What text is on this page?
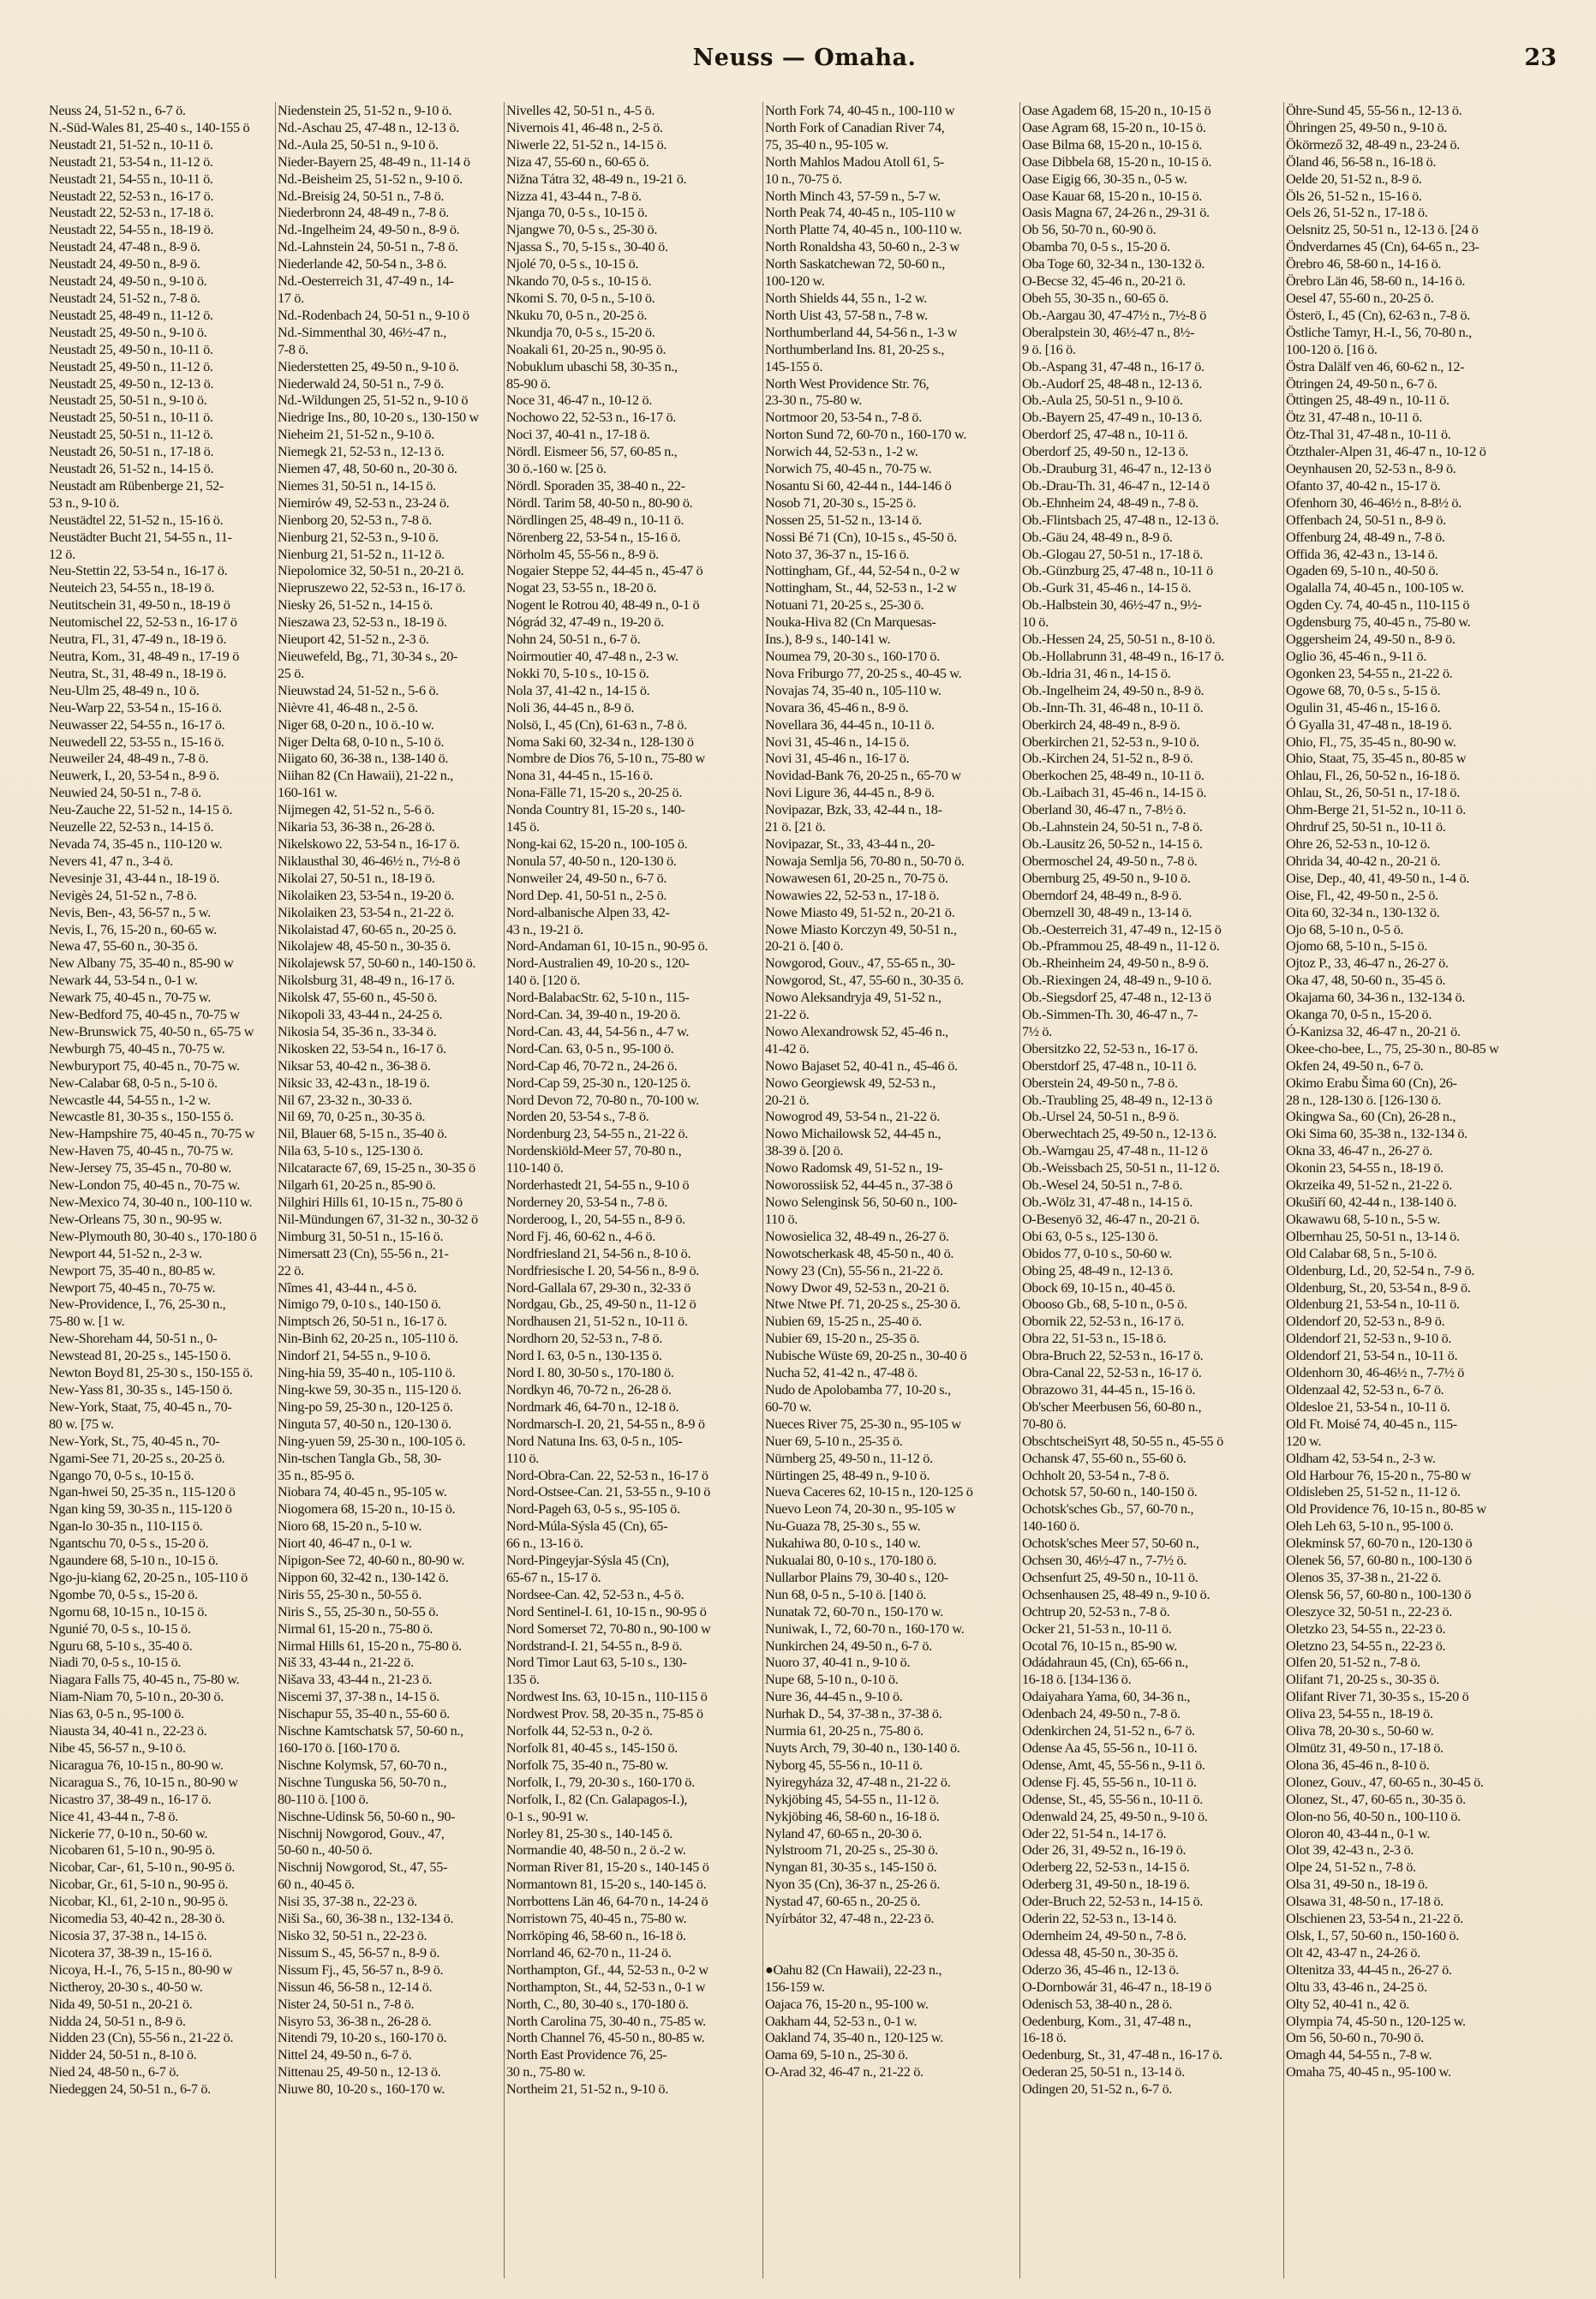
Neuss — Omaha.	23
Neuss 24, 51-52 n., 6-7 ö.
N.-Süd-Wales 81, 25-40 s., 140-155 ö
Neustadt 21, 51-52 n., 10-11 ö.
Neustadt 21, 53-54 n., 11-12 ö.
Neustadt 21, 54-55 n., 10-11 ö.
Neustadt 22, 52-53 n., 16-17 ö.
Neustadt 22, 52-53 n., 17-18 ö.
Neustadt 22, 54-55 n., 18-19 ö.
Neustadt 24, 47-48 n., 8-9 ö.
Neustadt 24, 49-50 n., 8-9 ö.
Neustadt 24, 49-50 n., 9-10 ö.
Neustadt 24, 51-52 n., 7-8 ö.
Neustadt 25, 48-49 n., 11-12 ö.
Neustadt 25, 49-50 n., 9-10 ö.
Neustadt 25, 49-50 n., 10-11 ö.
Neustadt 25, 49-50 n., 11-12 ö.
Neustadt 25, 49-50 n., 12-13 ö.
Neustadt 25, 50-51 n., 9-10 ö.
Neustadt 25, 50-51 n., 10-11 ö.
Neustadt 25, 50-51 n., 11-12 ö.
Neustadt 26, 50-51 n., 17-18 ö.
Neustadt 26, 51-52 n., 14-15 ö.
Neustadt am Rübenberge 21, 52-
53 n., 9-10 ö.
Neustädtel 22, 51-52 n., 15-16 ö.
Neustädter Bucht 21, 54-55 n., 11-
12 ö.
Neu-Stettin 22, 53-54 n., 16-17 ö.
Neuteich 23, 54-55 n., 18-19 ö.
Neutitschein 31, 49-50 n., 18-19 ö
Neutomischel 22, 52-53 n., 16-17 ö
Neutra, Fl., 31, 47-49 n., 18-19 ö.
Neutra, Kom., 31, 48-49 n., 17-19 ö
Neutra, St., 31, 48-49 n., 18-19 ö.
Neu-Ulm 25, 48-49 n., 10 ö.
Neu-Warp 22, 53-54 n., 15-16 ö.
Neuwasser 22, 54-55 n., 16-17 ö.
Neuwedell 22, 53-55 n., 15-16 ö.
Neuweiler 24, 48-49 n., 7-8 ö.
Neuwerk, I., 20, 53-54 n., 8-9 ö.
Neuwied 24, 50-51 n., 7-8 ö.
Neu-Zauche 22, 51-52 n., 14-15 ö.
Neuzelle 22, 52-53 n., 14-15 ö.
Nevada 74, 35-45 n., 110-120 w.
Nevers 41, 47 n., 3-4 ö.
Nevesinje 31, 43-44 n., 18-19 ö.
Nevigès 24, 51-52 n., 7-8 ö.
Nevis, Ben-, 43, 56-57 n., 5 w.
Nevis, I., 76, 15-20 n., 60-65 w.
Newa 47, 55-60 n., 30-35 ö.
New Albany 75, 35-40 n., 85-90 w
Newark 44, 53-54 n., 0-1 w.
Newark 75, 40-45 n., 70-75 w.
New-Bedford 75, 40-45 n., 70-75 w
New-Brunswick 75, 40-50 n., 65-75 w
Newburgh 75, 40-45 n., 70-75 w.
Newburyport 75, 40-45 n., 70-75 w.
New-Calabar 68, 0-5 n., 5-10 ö.
Newcastle 44, 54-55 n., 1-2 w.
Newcastle 81, 30-35 s., 150-155 ö.
New-Hampshire 75, 40-45 n., 70-75 w
New-Haven 75, 40-45 n., 70-75 w.
New-Jersey 75, 35-45 n., 70-80 w.
New-London 75, 40-45 n., 70-75 w.
New-Mexico 74, 30-40 n., 100-110 w.
New-Orleans 75, 30 n., 90-95 w.
New-Plymouth 80, 30-40 s., 170-180 ö
Newport 44, 51-52 n., 2-3 w.
Newport 75, 35-40 n., 80-85 w.
Newport 75, 40-45 n., 70-75 w.
New-Providence, I., 76, 25-30 n.,
75-80 w. [1 w.
New-Shoreham 44, 50-51 n., 0-
Newstead 81, 20-25 s., 145-150 ö.
Newton Boyd 81, 25-30 s., 150-155 ö.
New-Yass 81, 30-35 s., 145-150 ö.
New-York, Staat, 75, 40-45 n., 70-
80 w. [75 w.
New-York, St., 75, 40-45 n., 70-
Ngami-See 71, 20-25 s., 20-25 ö.
Ngango 70, 0-5 s., 10-15 ö.
Ngan-hwei 50, 25-35 n., 115-120 ö
Ngan king 59, 30-35 n., 115-120 ö
Ngan-lo 30-35 n., 110-115 ö.
Ngantschu 70, 0-5 s., 15-20 ö.
Ngaundere 68, 5-10 n., 10-15 ö.
Ngo-ju-kiang 62, 20-25 n., 105-110 ö
Ngombe 70, 0-5 s., 15-20 ö.
Ngornu 68, 10-15 n., 10-15 ö.
Ngunié 70, 0-5 s., 10-15 ö.
Nguru 68, 5-10 s., 35-40 ö.
Niadi 70, 0-5 s., 10-15 ö.
Niagara Falls 75, 40-45 n., 75-80 w.
Niam-Niam 70, 5-10 n., 20-30 ö.
Nias 63, 0-5 n., 95-100 ö.
Niausta 34, 40-41 n., 22-23 ö.
Nibe 45, 56-57 n., 9-10 ö.
Nicaragua 76, 10-15 n., 80-90 w.
Nicaragua S., 76, 10-15 n., 80-90 w
Nicastro 37, 38-49 n., 16-17 ö.
Nice 41, 43-44 n., 7-8 ö.
Nickerie 77, 0-10 n., 50-60 w.
Nicobaren 61, 5-10 n., 90-95 ö.
Nicobar, Car-, 61, 5-10 n., 90-95 ö.
Nicobar, Gr., 61, 5-10 n., 90-95 ö.
Nicobar, Kl., 61, 2-10 n., 90-95 ö.
Nicomedia 53, 40-42 n., 28-30 ö.
Nicosia 37, 37-38 n., 14-15 ö.
Nicotera 37, 38-39 n., 15-16 ö.
Nicoya, H.-I., 76, 5-15 n., 80-90 w
Nictheroy, 20-30 s., 40-50 w.
Nida 49, 50-51 n., 20-21 ö.
Nidda 24, 50-51 n., 8-9 ö.
Nidden 23 (Cn), 55-56 n., 21-22 ö.
Nidder 24, 50-51 n., 8-10 ö.
Nied 24, 48-50 n., 6-7 ö.
Niedeggen 24, 50-51 n., 6-7 ö.
Niedenstein 25, 51-52 n., 9-10 ö.
Nd.-Aschau 25, 47-48 n., 12-13 ö.
Nd.-Aula 25, 50-51 n., 9-10 ö.
Nieder-Bayern 25, 48-49 n., 11-14 ö
Nd.-Beisheim 25, 51-52 n., 9-10 ö.
Nd.-Breisig 24, 50-51 n., 7-8 ö.
Niederbronn 24, 48-49 n., 7-8 ö.
Nd.-Ingelheim 24, 49-50 n., 8-9 ö.
Nd.-Lahnstein 24, 50-51 n., 7-8 ö.
Niederlande 42, 50-54 n., 3-8 ö.
Nd.-Oesterreich 31, 47-49 n., 14-
17 ö.
Nd.-Rodenbach 24, 50-51 n., 9-10 ö
Nd.-Simmenthal 30, 46½-47 n.,
7-8 ö.
Niederstetten 25, 49-50 n., 9-10 ö.
Niederwald 24, 50-51 n., 7-9 ö.
Nd.-Wildungen 25, 51-52 n., 9-10 ö
Niedrige Ins., 80, 10-20 s., 130-150 w
Nieheim 21, 51-52 n., 9-10 ö.
Niemegk 21, 52-53 n., 12-13 ö.
Niemen 47, 48, 50-60 n., 20-30 ö.
Niemes 31, 50-51 n., 14-15 ö.
Niemirów 49, 52-53 n., 23-24 ö.
Nienborg 20, 52-53 n., 7-8 ö.
Nienburg 21, 52-53 n., 9-10 ö.
Nienburg 21, 51-52 n., 11-12 ö.
Niepolomice 32, 50-51 n., 20-21 ö.
Niepruszewo 22, 52-53 n., 16-17 ö.
Niesky 26, 51-52 n., 14-15 ö.
Nieszawa 23, 52-53 n., 18-19 ö.
Nieuport 42, 51-52 n., 2-3 ö.
Nieuwefeld, Bg., 71, 30-34 s., 20-
25 ö.
Nieuwstad 24, 51-52 n., 5-6 ö.
Nièvre 41, 46-48 n., 2-5 ö.
Niger 68, 0-20 n., 10 ö.-10 w.
Niger Delta 68, 0-10 n., 5-10 ö.
Niigato 60, 36-38 n., 138-140 ö.
Niihan 82 (Cn Hawaii), 21-22 n.,
160-161 w.
Nijmegen 42, 51-52 n., 5-6 ö.
Nikaria 53, 36-38 n., 26-28 ö.
Nikelskowo 22, 53-54 n., 16-17 ö.
Niklausthal 30, 46-46½ n., 7½-8 ö
Nikolai 27, 50-51 n., 18-19 ö.
Nikolaiken 23, 53-54 n., 19-20 ö.
Nikolaiken 23, 53-54 n., 21-22 ö.
Nikolaistad 47, 60-65 n., 20-25 ö.
Nikolajew 48, 45-50 n., 30-35 ö.
Nikolajewsk 57, 50-60 n., 140-150 ö.
Nikolsburg 31, 48-49 n., 16-17 ö.
Nikolsk 47, 55-60 n., 45-50 ö.
Nikopoli 33, 43-44 n., 24-25 ö.
Nikosia 54, 35-36 n., 33-34 ö.
Nikosken 22, 53-54 n., 16-17 ö.
Niksar 53, 40-42 n., 36-38 ö.
Niksic 33, 42-43 n., 18-19 ö.
Nil 67, 23-32 n., 30-33 ö.
Nil 69, 70, 0-25 n., 30-35 ö.
Nil, Blauer 68, 5-15 n., 35-40 ö.
Nila 63, 5-10 s., 125-130 ö.
Nilcataracte 67, 69, 15-25 n., 30-35 ö
Nilgarh 61, 20-25 n., 85-90 ö.
Nilghiri Hills 61, 10-15 n., 75-80 ö
Nil-Mündungen 67, 31-32 n., 30-32 ö
Nimburg 31, 50-51 n., 15-16 ö.
Nimersatt 23 (Cn), 55-56 n., 21-
22 ö.
Nîmes 41, 43-44 n., 4-5 ö.
Nimigo 79, 0-10 s., 140-150 ö.
Nimptsch 26, 50-51 n., 16-17 ö.
Nin-Binh 62, 20-25 n., 105-110 ö.
Nindorf 21, 54-55 n., 9-10 ö.
Ning-hia 59, 35-40 n., 105-110 ö.
Ning-kwe 59, 30-35 n., 115-120 ö.
Ning-po 59, 25-30 n., 120-125 ö.
Ninguta 57, 40-50 n., 120-130 ö.
Ning-yuen 59, 25-30 n., 100-105 ö.
Nin-tschen Tangla Gb., 58, 30-
35 n., 85-95 ö.
Niobara 74, 40-45 n., 95-105 w.
Niogomera 68, 15-20 n., 10-15 ö.
Nioro 68, 15-20 n., 5-10 w.
Niort 40, 46-47 n., 0-1 w.
Nipigon-See 72, 40-60 n., 80-90 w.
Nippon 60, 32-42 n., 130-142 ö.
Niris 55, 25-30 n., 50-55 ö.
Niris S., 55, 25-30 n., 50-55 ö.
Nirmal 61, 15-20 n., 75-80 ö.
Nirmal Hills 61, 15-20 n., 75-80 ö.
Niš 33, 43-44 n., 21-22 ö.
Nišava 33, 43-44 n., 21-23 ö.
Niscemi 37, 37-38 n., 14-15 ö.
Nischapur 55, 35-40 n., 55-60 ö.
Nischne Kamtschatsk 57, 50-60 n.,
160-170 ö. [160-170 ö.
Nischne Kolymsk, 57, 60-70 n.,
Nischne Tunguska 56, 50-70 n.,
80-110 ö. [100 ö.
Nischne-Udinsk 56, 50-60 n., 90-
Nischnij Nowgorod, Gouv., 47,
50-60 n., 40-50 ö.
Nischnij Nowgorod, St., 47, 55-
60 n., 40-45 ö.
Nisi 35, 37-38 n., 22-23 ö.
Niši Sa., 60, 36-38 n., 132-134 ö.
Nisko 32, 50-51 n., 22-23 ö.
Nissum S., 45, 56-57 n., 8-9 ö.
Nissum Fj., 45, 56-57 n., 8-9 ö.
Nissun 46, 56-58 n., 12-14 ö.
Nister 24, 50-51 n., 7-8 ö.
Nisyro 53, 36-38 n., 26-28 ö.
Nitendi 79, 10-20 s., 160-170 ö.
Nittel 24, 49-50 n., 6-7 ö.
Nittenau 25, 49-50 n., 12-13 ö.
Niuwe 80, 10-20 s., 160-170 w.
Nivelles 42, 50-51 n., 4-5 ö.
Nivernois 41, 46-48 n., 2-5 ö.
Niwerle 22, 51-52 n., 14-15 ö.
Niza 47, 55-60 n., 60-65 ö.
Nižna Tátra 32, 48-49 n., 19-21 ö.
Nizza 41, 43-44 n., 7-8 ö.
Njanga 70, 0-5 s., 10-15 ö.
Njangwe 70, 0-5 s., 25-30 ö.
Njassa S., 70, 5-15 s., 30-40 ö.
Njolé 70, 0-5 s., 10-15 ö.
Nkando 70, 0-5 s., 10-15 ö.
Nkomi S. 70, 0-5 n., 5-10 ö.
Nkuku 70, 0-5 n., 20-25 ö.
Nkundja 70, 0-5 s., 15-20 ö.
Noakali 61, 20-25 n., 90-95 ö.
Nobuklum ubaschi 58, 30-35 n.,
85-90 ö.
Noce 31, 46-47 n., 10-12 ö.
Nochowo 22, 52-53 n., 16-17 ö.
Noci 37, 40-41 n., 17-18 ö.
Nördl. Eismeer 56, 57, 60-85 n.,
30 ö.-160 w. [25 ö.
Nördl. Sporaden 35, 38-40 n., 22-
Nördl. Tarim 58, 40-50 n., 80-90 ö.
Nördlingen 25, 48-49 n., 10-11 ö.
Nörenberg 22, 53-54 n., 15-16 ö.
Nörholm 45, 55-56 n., 8-9 ö.
Nogaier Steppe 52, 44-45 n., 45-47 ö
Nogat 23, 53-55 n., 18-20 ö.
Nogent le Rotrou 40, 48-49 n., 0-1 ö
Nógrád 32, 47-49 n., 19-20 ö.
Nohn 24, 50-51 n., 6-7 ö.
Noirmoutier 40, 47-48 n., 2-3 w.
Nokki 70, 5-10 s., 10-15 ö.
Nola 37, 41-42 n., 14-15 ö.
Noli 36, 44-45 n., 8-9 ö.
Nolsö, I., 45 (Cn), 61-63 n., 7-8 ö.
Noma Saki 60, 32-34 n., 128-130 ö
Nombre de Dios 76, 5-10 n., 75-80 w
Nona 31, 44-45 n., 15-16 ö.
Nona-Fälle 71, 15-20 s., 20-25 ö.
Nonda Country 81, 15-20 s., 140-
145 ö.
Nong-kai 62, 15-20 n., 100-105 ö.
Nonula 57, 40-50 n., 120-130 ö.
Nonweiler 24, 49-50 n., 6-7 ö.
Nord Dep. 41, 50-51 n., 2-5 ö.
Nord-albanische Alpen 33, 42-
43 n., 19-21 ö.
Nord-Andaman 61, 10-15 n., 90-95 ö.
Nord-Australien 49, 10-20 s., 120-
140 ö. [120 ö.
Nord-BalabacStr. 62, 5-10 n., 115-
Nord-Can. 34, 39-40 n., 19-20 ö.
Nord-Can. 43, 44, 54-56 n., 4-7 w.
Nord-Can. 63, 0-5 n., 95-100 ö.
Nord-Cap 46, 70-72 n., 24-26 ö.
Nord-Cap 59, 25-30 n., 120-125 ö.
Nord Devon 72, 70-80 n., 70-100 w.
Norden 20, 53-54 s., 7-8 ö.
Nordenburg 23, 54-55 n., 21-22 ö.
Nordenskiöld-Meer 57, 70-80 n.,
110-140 ö.
Norderhastedt 21, 54-55 n., 9-10 ö
Norderney 20, 53-54 n., 7-8 ö.
Norderoog, I., 20, 54-55 n., 8-9 ö.
Nord Fj. 46, 60-62 n., 4-6 ö.
Nordfriesland 21, 54-56 n., 8-10 ö.
Nordfriesische I. 20, 54-56 n., 8-9 ö.
Nord-Gallala 67, 29-30 n., 32-33 ö
Nordgau, Gb., 25, 49-50 n., 11-12 ö
Nordhausen 21, 51-52 n., 10-11 ö.
Nordhorn 20, 52-53 n., 7-8 ö.
Nord I. 63, 0-5 n., 130-135 ö.
Nord I. 80, 30-50 s., 170-180 ö.
Nordkyn 46, 70-72 n., 26-28 ö.
Nordmark 46, 64-70 n., 12-18 ö.
Nordmarsch-I. 20, 21, 54-55 n., 8-9 ö
Nord Natuna Ins. 63, 0-5 n., 105-
110 ö.
Nord-Obra-Can. 22, 52-53 n., 16-17 ö
Nord-Ostsee-Can. 21, 53-55 n., 9-10 ö
Nord-Pageh 63, 0-5 s., 95-105 ö.
Nord-Múla-Sýsla 45 (Cn), 65-
66 n., 13-16 ö.
Nord-Pingeyjar-Sýsla 45 (Cn),
65-67 n., 15-17 ö.
Nordsee-Can. 42, 52-53 n., 4-5 ö.
Nord Sentinel-I. 61, 10-15 n., 90-95 ö
Nord Somerset 72, 70-80 n., 90-100 w
Nordstrand-I. 21, 54-55 n., 8-9 ö.
Nord Timor Laut 63, 5-10 s., 130-
135 ö.
Nordwest Ins. 63, 10-15 n., 110-115 ö
Nordwest Prov. 58, 20-35 n., 75-85 ö
Norfolk 44, 52-53 n., 0-2 ö.
Norfolk 81, 40-45 s., 145-150 ö.
Norfolk 75, 35-40 n., 75-80 w.
Norfolk, I., 79, 20-30 s., 160-170 ö.
Norfolk, I., 82 (Cn. Galapagos-I.),
0-1 s., 90-91 w.
Norley 81, 25-30 s., 140-145 ö.
Normandie 40, 48-50 n., 2 ö.-2 w.
Norman River 81, 15-20 s., 140-145 ö
Normantown 81, 15-20 s., 140-145 ö.
Norrbottens Län 46, 64-70 n., 14-24 ö
Norristown 75, 40-45 n., 75-80 w.
Norrköping 46, 58-60 n., 16-18 ö.
Norrland 46, 62-70 n., 11-24 ö.
Northampton, Gf., 44, 52-53 n., 0-2 w
Northampton, St., 44, 52-53 n., 0-1 w
North, C., 80, 30-40 s., 170-180 ö.
North Carolina 75, 30-40 n., 75-85 w.
North Channel 76, 45-50 n., 80-85 w.
North East Providence 76, 25-
30 n., 75-80 w.
Northeim 21, 51-52 n., 9-10 ö.
North Fork 74, 40-45 n., 100-110 w
North Fork of Canadian River 74,
75, 35-40 n., 95-105 w.
North Mahlos Madou Atoll 61, 5-
10 n., 70-75 ö.
North Minch 43, 57-59 n., 5-7 w.
North Peak 74, 40-45 n., 105-110 w
North Platte 74, 40-45 n., 100-110 w.
North Ronaldsha 43, 50-60 n., 2-3 w
North Saskatchewan 72, 50-60 n.,
100-120 w.
North Shields 44, 55 n., 1-2 w.
North Uist 43, 57-58 n., 7-8 w.
Northumberland 44, 54-56 n., 1-3 w
Northumberland Ins. 81, 20-25 s.,
145-155 ö.
North West Providence Str. 76,
23-30 n., 75-80 w.
Nortmoor 20, 53-54 n., 7-8 ö.
Norton Sund 72, 60-70 n., 160-170 w.
Norwich 44, 52-53 n., 1-2 w.
Norwich 75, 40-45 n., 70-75 w.
Nosantu Si 60, 42-44 n., 144-146 ö
Nosob 71, 20-30 s., 15-25 ö.
Nossen 25, 51-52 n., 13-14 ö.
Nossi Bé 71 (Cn), 10-15 s., 45-50 ö.
Noto 37, 36-37 n., 15-16 ö.
Nottingham, Gf., 44, 52-54 n., 0-2 w
Nottingham, St., 44, 52-53 n., 1-2 w
Notuani 71, 20-25 s., 25-30 ö.
Nouka-Hiva 82 (Cn Marquesas-
Ins.), 8-9 s., 140-141 w.
Noumea 79, 20-30 s., 160-170 ö.
Nova Friburgo 77, 20-25 s., 40-45 w.
Novajas 74, 35-40 n., 105-110 w.
Novara 36, 45-46 n., 8-9 ö.
Novellara 36, 44-45 n., 10-11 ö.
Novi 31, 45-46 n., 14-15 ö.
Novi 31, 45-46 n., 16-17 ö.
Novidad-Bank 76, 20-25 n., 65-70 w
Novi Ligure 36, 44-45 n., 8-9 ö.
Novipazar, Bzk, 33, 42-44 n., 18-
21 ö. [21 ö.
Novipazar, St., 33, 43-44 n., 20-
Nowaja Semlja 56, 70-80 n., 50-70 ö.
Nowawesen 61, 20-25 n., 70-75 ö.
Nowawies 22, 52-53 n., 17-18 ö.
Nowe Miasto 49, 51-52 n., 20-21 ö.
Nowe Miasto Korczyn 49, 50-51 n.,
20-21 ö. [40 ö.
Nowgorod, Gouv., 47, 55-65 n., 30-
Nowgorod, St., 47, 55-60 n., 30-35 ö.
Nowo Aleksandryja 49, 51-52 n.,
21-22 ö.
Nowo Alexandrowsk 52, 45-46 n.,
41-42 ö.
Nowo Bajaset 52, 40-41 n., 45-46 ö.
Nowo Georgiewsk 49, 52-53 n.,
20-21 ö.
Nowogrod 49, 53-54 n., 21-22 ö.
Nowo Michailowsk 52, 44-45 n.,
38-39 ö. [20 ö.
Nowo Radomsk 49, 51-52 n., 19-
Noworossiisk 52, 44-45 n., 37-38 ö
Nowo Selenginsk 56, 50-60 n., 100-
110 ö.
Nowosielica 32, 48-49 n., 26-27 ö.
Nowotscherkask 48, 45-50 n., 40 ö.
Nowy 23 (Cn), 55-56 n., 21-22 ö.
Nowy Dwor 49, 52-53 n., 20-21 ö.
Ntwe Ntwe Pf. 71, 20-25 s., 25-30 ö.
Nubien 69, 15-25 n., 25-40 ö.
Nubier 69, 15-20 n., 25-35 ö.
Nubische Wüste 69, 20-25 n., 30-40 ö
Nucha 52, 41-42 n., 47-48 ö.
Nudo de Apolobamba 77, 10-20 s.,
60-70 w.
Nueces River 75, 25-30 n., 95-105 w
Nuer 69, 5-10 n., 25-35 ö.
Nürnberg 25, 49-50 n., 11-12 ö.
Nürtingen 25, 48-49 n., 9-10 ö.
Nueva Caceres 62, 10-15 n., 120-125 ö
Nuevo Leon 74, 20-30 n., 95-105 w
Nu-Guaza 78, 25-30 s., 55 w.
Nukahiwa 80, 0-10 s., 140 w.
Nukualai 80, 0-10 s., 170-180 ö.
Nullarbor Plains 79, 30-40 s., 120-
Nun 68, 0-5 n., 5-10 ö. [140 ö.
Nunatak 72, 60-70 n., 150-170 w.
Nuniwak, I., 72, 60-70 n., 160-170 w.
Nunkirchen 24, 49-50 n., 6-7 ö.
Nuoro 37, 40-41 n., 9-10 ö.
Nupe 68, 5-10 n., 0-10 ö.
Nure 36, 44-45 n., 9-10 ö.
Nurhak D., 54, 37-38 n., 37-38 ö.
Nurmia 61, 20-25 n., 75-80 ö.
Nuyts Arch, 79, 30-40 n., 130-140 ö.
Nyborg 45, 55-56 n., 10-11 ö.
Nyiregyháza 32, 47-48 n., 21-22 ö.
Nykjöbing 45, 54-55 n., 11-12 ö.
Nykjöbing 46, 58-60 n., 16-18 ö.
Nyland 47, 60-65 n., 20-30 ö.
Nylstroom 71, 20-25 s., 25-30 ö.
Nyngan 81, 30-35 s., 145-150 ö.
Nyon 35 (Cn), 36-37 n., 25-26 ö.
Nystad 47, 60-65 n., 20-25 ö.
Nyírbátor 32, 47-48 n., 22-23 ö.

●Oahu 82 (Cn Hawaii), 22-23 n.,
156-159 w.
Oajaca 76, 15-20 n., 95-100 w.
Oakham 44, 52-53 n., 0-1 w.
Oakland 74, 35-40 n., 120-125 w.
Oama 69, 5-10 n., 25-30 ö.
O-Arad 32, 46-47 n., 21-22 ö.
Oase Agadem 68, 15-20 n., 10-15 ö
Oase Agram 68, 15-20 n., 10-15 ö.
Oase Bilma 68, 15-20 n., 10-15 ö.
Oase Dibbela 68, 15-20 n., 10-15 ö.
Oase Eigig 66, 30-35 n., 0-5 w.
Oase Kauar 68, 15-20 n., 10-15 ö.
Oasis Magna 67, 24-26 n., 29-31 ö.
Ob 56, 50-70 n., 60-90 ö.
Obamba 70, 0-5 s., 15-20 ö.
Oba Toge 60, 32-34 n., 130-132 ö.
O-Becse 32, 45-46 n., 20-21 ö.
Obeh 55, 30-35 n., 60-65 ö.
Ob.-Aargau 30, 47-47½ n., 7½-8 ö
Oberalpstein 30, 46½-47 n., 8½-
9 ö. [16 ö.
Ob.-Aspang 31, 47-48 n., 16-17 ö.
Ob.-Audorf 25, 48-48 n., 12-13 ö.
Ob.-Aula 25, 50-51 n., 9-10 ö.
Ob.-Bayern 25, 47-49 n., 10-13 ö.
Oberdorf 25, 47-48 n., 10-11 ö.
Oberdorf 25, 49-50 n., 12-13 ö.
Ob.-Drauburg 31, 46-47 n., 12-13 ö
Ob.-Drau-Th. 31, 46-47 n., 12-14 ö
Ob.-Ehnheim 24, 48-49 n., 7-8 ö.
Ob.-Flintsbach 25, 47-48 n., 12-13 ö.
Ob.-Gäu 24, 48-49 n., 8-9 ö.
Ob.-Glogau 27, 50-51 n., 17-18 ö.
Ob.-Günzburg 25, 47-48 n., 10-11 ö
Ob.-Gurk 31, 45-46 n., 14-15 ö.
Ob.-Halbstein 30, 46½-47 n., 9½-
10 ö.
Ob.-Hessen 24, 25, 50-51 n., 8-10 ö.
Ob.-Hollabrunn 31, 48-49 n., 16-17 ö.
Ob.-Idria 31, 46 n., 14-15 ö.
Ob.-Ingelheim 24, 49-50 n., 8-9 ö.
Ob.-Inn-Th. 31, 46-48 n., 10-11 ö.
Oberkirch 24, 48-49 n., 8-9 ö.
Oberkirchen 21, 52-53 n., 9-10 ö.
Ob.-Kirchen 24, 51-52 n., 8-9 ö.
Oberkochen 25, 48-49 n., 10-11 ö.
Ob.-Laibach 31, 45-46 n., 14-15 ö.
Oberland 30, 46-47 n., 7-8½ ö.
Ob.-Lahnstein 24, 50-51 n., 7-8 ö.
Ob.-Lausitz 26, 50-52 n., 14-15 ö.
Obermoschel 24, 49-50 n., 7-8 ö.
Obernburg 25, 49-50 n., 9-10 ö.
Oberndorf 24, 48-49 n., 8-9 ö.
Obernzell 30, 48-49 n., 13-14 ö.
Ob.-Oesterreich 31, 47-49 n., 12-15 ö
Ob.-Pframmou 25, 48-49 n., 11-12 ö.
Ob.-Rheinheim 24, 49-50 n., 8-9 ö.
Ob.-Riexingen 24, 48-49 n., 9-10 ö.
Ob.-Siegsdorf 25, 47-48 n., 12-13 ö
Ob.-Simmen-Th. 30, 46-47 n., 7-
7½ ö.
Obersitzko 22, 52-53 n., 16-17 ö.
Oberstdorf 25, 47-48 n., 10-11 ö.
Oberstein 24, 49-50 n., 7-8 ö.
Ob.-Traubling 25, 48-49 n., 12-13 ö
Ob.-Ursel 24, 50-51 n., 8-9 ö.
Oberwechtach 25, 49-50 n., 12-13 ö.
Ob.-Warngau 25, 47-48 n., 11-12 ö
Ob.-Weissbach 25, 50-51 n., 11-12 ö.
Ob.-Wesel 24, 50-51 n., 7-8 ö.
Ob.-Wölz 31, 47-48 n., 14-15 ö.
O-Besenyö 32, 46-47 n., 20-21 ö.
Obi 63, 0-5 s., 125-130 ö.
Obidos 77, 0-10 s., 50-60 w.
Obing 25, 48-49 n., 12-13 ö.
Obock 69, 10-15 n., 40-45 ö.
Obooso Gb., 68, 5-10 n., 0-5 ö.
Obornik 22, 52-53 n., 16-17 ö.
Obra 22, 51-53 n., 15-18 ö.
Obra-Bruch 22, 52-53 n., 16-17 ö.
Obra-Canal 22, 52-53 n., 16-17 ö.
Obrazowo 31, 44-45 n., 15-16 ö.
Ob'scher Meerbusen 56, 60-80 n.,
70-80 ö.
ObschtscheiSyrt 48, 50-55 n., 45-55 ö
Ochansk 47, 55-60 n., 55-60 ö.
Ochholt 20, 53-54 n., 7-8 ö.
Ochotsk 57, 50-60 n., 140-150 ö.
Ochotsk'sches Gb., 57, 60-70 n.,
140-160 ö.
Ochotsk'sches Meer 57, 50-60 n.,
Ochsen 30, 46½-47 n., 7-7½ ö.
Ochsenfurt 25, 49-50 n., 10-11 ö.
Ochsenhausen 25, 48-49 n., 9-10 ö.
Ochtrup 20, 52-53 n., 7-8 ö.
Ocker 21, 51-53 n., 10-11 ö.
Ocotal 76, 10-15 n., 85-90 w.
Odádahraun 45, (Cn), 65-66 n.,
16-18 ö. [134-136 ö.
Odaiyahara Yama, 60, 34-36 n.,
Odenbach 24, 49-50 n., 7-8 ö.
Odenkirchen 24, 51-52 n., 6-7 ö.
Odense Aa 45, 55-56 n., 10-11 ö.
Odense, Amt, 45, 55-56 n., 9-11 ö.
Odense Fj. 45, 55-56 n., 10-11 ö.
Odense, St., 45, 55-56 n., 10-11 ö.
Odenwald 24, 25, 49-50 n., 9-10 ö.
Oder 22, 51-54 n., 14-17 ö.
Oder 26, 31, 49-52 n., 16-19 ö.
Oderberg 22, 52-53 n., 14-15 ö.
Oderberg 31, 49-50 n., 18-19 ö.
Oder-Bruch 22, 52-53 n., 14-15 ö.
Oderin 22, 52-53 n., 13-14 ö.
Odernheim 24, 49-50 n., 7-8 ö.
Odessa 48, 45-50 n., 30-35 ö.
Oderzo 36, 45-46 n., 12-13 ö.
O-Dornbowár 31, 46-47 n., 18-19 ö
Odenisch 53, 38-40 n., 28 ö.
Oedenburg, Kom., 31, 47-48 n.,
16-18 ö.
Oedenburg, St., 31, 47-48 n., 16-17 ö.
Oederan 25, 50-51 n., 13-14 ö.
Odingen 20, 51-52 n., 6-7 ö.
Öhre-Sund 45, 55-56 n., 12-13 ö.
Öhringen 25, 49-50 n., 9-10 ö.
Ökörmező 32, 48-49 n., 23-24 ö.
Öland 46, 56-58 n., 16-18 ö.
Oelde 20, 51-52 n., 8-9 ö.
Öls 26, 51-52 n., 15-16 ö.
Oels 26, 51-52 n., 17-18 ö.
Oelsnitz 25, 50-51 n., 12-13 ö. [24 ö
Öndverdarnes 45 (Cn), 64-65 n., 23-
Örebro 46, 58-60 n., 14-16 ö.
Örebro Län 46, 58-60 n., 14-16 ö.
Oesel 47, 55-60 n., 20-25 ö.
Österö, I., 45 (Cn), 62-63 n., 7-8 ö.
Östliche Tamyr, H.-I., 56, 70-80 n.,
100-120 ö. [16 ö.
Östra Dalälf ven 46, 60-62 n., 12-
Ötringen 24, 49-50 n., 6-7 ö.
Öttingen 25, 48-49 n., 10-11 ö.
Ötz 31, 47-48 n., 10-11 ö.
Ötz-Thal 31, 47-48 n., 10-11 ö.
Ötzthaler-Alpen 31, 46-47 n., 10-12 ö
Oeynhausen 20, 52-53 n., 8-9 ö.
Ofanto 37, 40-42 n., 15-17 ö.
Ofenhorn 30, 46-46½ n., 8-8½ ö.
Offenbach 24, 50-51 n., 8-9 ö.
Offenburg 24, 48-49 n., 7-8 ö.
Offida 36, 42-43 n., 13-14 ö.
Ogaden 69, 5-10 n., 40-50 ö.
Ogalalla 74, 40-45 n., 100-105 w.
Ogden Cy. 74, 40-45 n., 110-115 ö
Ogdensburg 75, 40-45 n., 75-80 w.
Oggersheim 24, 49-50 n., 8-9 ö.
Oglio 36, 45-46 n., 9-11 ö.
Ogonken 23, 54-55 n., 21-22 ö.
Ogowe 68, 70, 0-5 s., 5-15 ö.
Ogulin 31, 45-46 n., 15-16 ö.
Ó Gyalla 31, 47-48 n., 18-19 ö.
Ohio, Fl., 75, 35-45 n., 80-90 w.
Ohio, Staat, 75, 35-45 n., 80-85 w
Ohlau, Fl., 26, 50-52 n., 16-18 ö.
Ohlau, St., 26, 50-51 n., 17-18 ö.
Ohm-Berge 21, 51-52 n., 10-11 ö.
Ohrdruf 25, 50-51 n., 10-11 ö.
Ohre 26, 52-53 n., 10-12 ö.
Ohrida 34, 40-42 n., 20-21 ö.
Oise, Dep., 40, 41, 49-50 n., 1-4 ö.
Oise, Fl., 42, 49-50 n., 2-5 ö.
Oita 60, 32-34 n., 130-132 ö.
Ojo 68, 5-10 n., 0-5 ö.
Ojomo 68, 5-10 n., 5-15 ö.
Ojtoz P., 33, 46-47 n., 26-27 ö.
Oka 47, 48, 50-60 n., 35-45 ö.
Okajama 60, 34-36 n., 132-134 ö.
Okanga 70, 0-5 n., 15-20 ö.
Ó-Kanizsa 32, 46-47 n., 20-21 ö.
Okee-cho-bee, L., 75, 25-30 n., 80-85 w
Okfen 24, 49-50 n., 6-7 ö.
Okimo Erabu Šima 60 (Cn), 26-
28 n., 128-130 ö. [126-130 ö.
Okingwa Sa., 60 (Cn), 26-28 n.,
Oki Sima 60, 35-38 n., 132-134 ö.
Okna 33, 46-47 n., 26-27 ö.
Okonin 23, 54-55 n., 18-19 ö.
Okrzeika 49, 51-52 n., 21-22 ö.
Okušiří 60, 42-44 n., 138-140 ö.
Okawawu 68, 5-10 n., 5-5 w.
Olbernhau 25, 50-51 n., 13-14 ö.
Old Calabar 68, 5 n., 5-10 ö.
Oldenburg, Ld., 20, 52-54 n., 7-9 ö.
Oldenburg, St., 20, 53-54 n., 8-9 ö.
Oldenburg 21, 53-54 n., 10-11 ö.
Oldendorf 20, 52-53 n., 8-9 ö.
Oldendorf 21, 52-53 n., 9-10 ö.
Oldendorf 21, 53-54 n., 10-11 ö.
Oldenhorn 30, 46-46½ n., 7-7½ ö
Oldenzaal 42, 52-53 n., 6-7 ö.
Oldesloe 21, 53-54 n., 10-11 ö.
Old Ft. Moisé 74, 40-45 n., 115-
120 w.
Oldham 42, 53-54 n., 2-3 w.
Old Harbour 76, 15-20 n., 75-80 w
Oldisleben 25, 51-52 n., 11-12 ö.
Old Providence 76, 10-15 n., 80-85 w
Oleh Leh 63, 5-10 n., 95-100 ö.
Olekminsk 57, 60-70 n., 120-130 ö
Olenek 56, 57, 60-80 n., 100-130 ö
Olenos 35, 37-38 n., 21-22 ö.
Olensk 56, 57, 60-80 n., 100-130 ö
Oleszyce 32, 50-51 n., 22-23 ö.
Oletzko 23, 54-55 n., 22-23 ö.
Oletzno 23, 54-55 n., 22-23 ö.
Olfen 20, 51-52 n., 7-8 ö.
Olifant 71, 20-25 s., 30-35 ö.
Olifant River 71, 30-35 s., 15-20 ö
Oliva 23, 54-55 n., 18-19 ö.
Oliva 78, 20-30 s., 50-60 w.
Olmütz 31, 49-50 n., 17-18 ö.
Olona 36, 45-46 n., 8-10 ö.
Olonez, Gouv., 47, 60-65 n., 30-45 ö.
Olonez, St., 47, 60-65 n., 30-35 ö.
Olon-no 56, 40-50 n., 100-110 ö.
Oloron 40, 43-44 n., 0-1 w.
Olot 39, 42-43 n., 2-3 ö.
Olpe 24, 51-52 n., 7-8 ö.
Olsa 31, 49-50 n., 18-19 ö.
Olsawa 31, 48-50 n., 17-18 ö.
Olschienen 23, 53-54 n., 21-22 ö.
Olsk, I., 57, 50-60 n., 150-160 ö.
Olt 42, 43-47 n., 24-26 ö.
Oltenitza 33, 44-45 n., 26-27 ö.
Oltu 33, 43-46 n., 24-25 ö.
Olty 52, 40-41 n., 42 ö.
Olympia 74, 45-50 n., 120-125 w.
Om 56, 50-60 n., 70-90 ö.
Omagh 44, 54-55 n., 7-8 w.
Omaha 75, 40-45 n., 95-100 w.
